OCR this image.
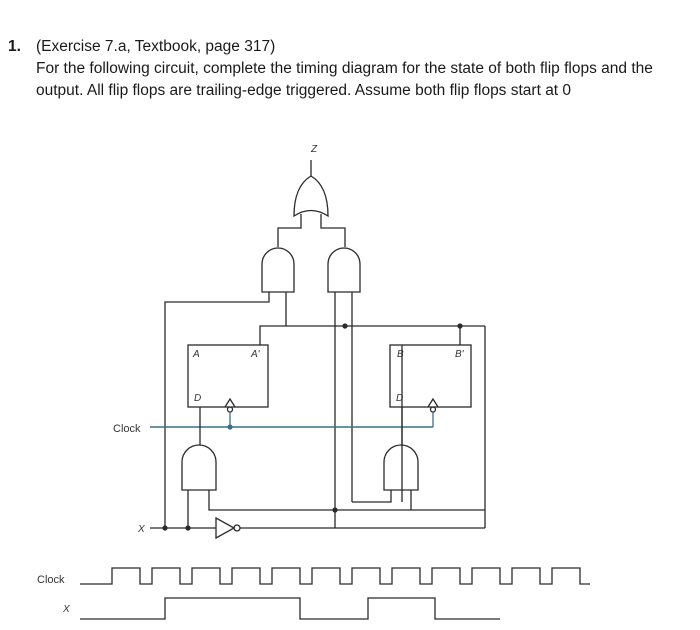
1. (Exercise 7.a, Textbook, page 317)
For the following circuit, complete the timing diagram for the state of both flip flops and the output. All flip flops are trailing-edge triggered. Assume both flip flops start at 0
Z
A	A'
D
B	B'
D
Clock
X
Clock
X
